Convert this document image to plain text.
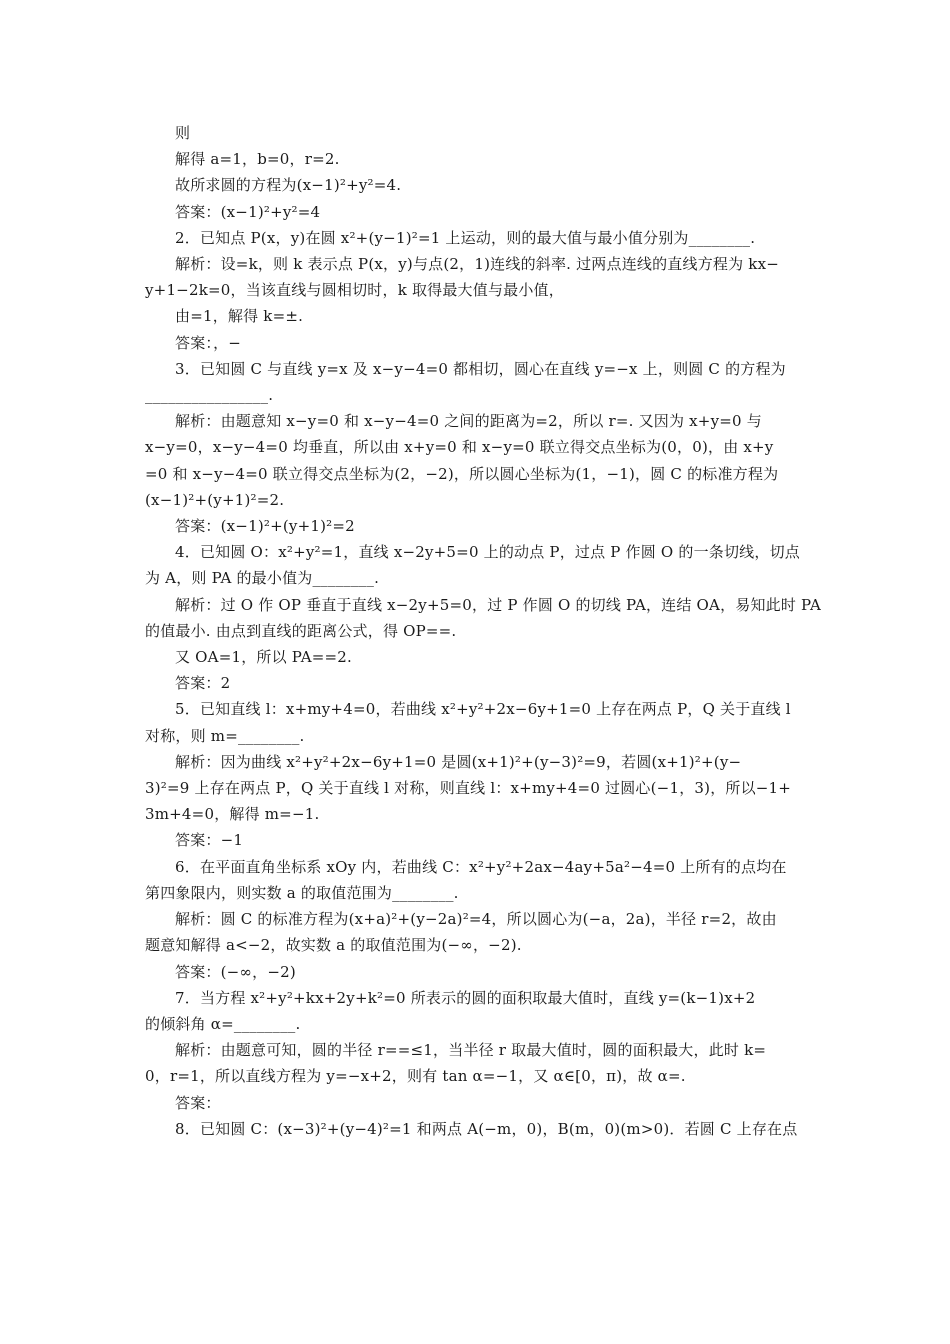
则
解得 a=1，b=0，r=2.
故所求圆的方程为(x−1)²+y²=4.
答案：(x−1)²+y²=4
2．已知点 P(x，y)在圆 x²+(y−1)²=1 上运动，则的最大值与最小值分别为________.
解析：设=k，则 k 表示点 P(x，y)与点(2，1)连线的斜率. 过两点连线的直线方程为 kx−
y+1−2k=0，当该直线与圆相切时，k 取得最大值与最小值，
由=1，解得 k=±.
答案：，−
3．已知圆 C 与直线 y=x 及 x−y−4=0 都相切，圆心在直线 y=−x 上，则圆 C 的方程为
________________.
解析：由题意知 x−y=0 和 x−y−4=0 之间的距离为=2，所以 r=. 又因为 x+y=0 与
x−y=0，x−y−4=0 均垂直，所以由 x+y=0 和 x−y=0 联立得交点坐标为(0，0)，由 x+y
=0 和 x−y−4=0 联立得交点坐标为(2，−2)，所以圆心坐标为(1，−1)，圆 C 的标准方程为
(x−1)²+(y+1)²=2.
答案：(x−1)²+(y+1)²=2
4．已知圆 O：x²+y²=1，直线 x−2y+5=0 上的动点 P，过点 P 作圆 O 的一条切线，切点
为 A，则 PA 的最小值为________.
解析：过 O 作 OP 垂直于直线 x−2y+5=0，过 P 作圆 O 的切线 PA，连结 OA，易知此时 PA
的值最小. 由点到直线的距离公式，得 OP==.
又 OA=1，所以 PA==2.
答案：2
5．已知直线 l：x+my+4=0，若曲线 x²+y²+2x−6y+1=0 上存在两点 P，Q 关于直线 l
对称，则 m=________.
解析：因为曲线 x²+y²+2x−6y+1=0 是圆(x+1)²+(y−3)²=9，若圆(x+1)²+(y−
3)²=9 上存在两点 P，Q 关于直线 l 对称，则直线 l：x+my+4=0 过圆心(−1，3)，所以−1+
3m+4=0，解得 m=−1.
答案：−1
6．在平面直角坐标系 xOy 内，若曲线 C：x²+y²+2ax−4ay+5a²−4=0 上所有的点均在
第四象限内，则实数 a 的取值范围为________.
解析：圆 C 的标准方程为(x+a)²+(y−2a)²=4，所以圆心为(−a，2a)，半径 r=2，故由
题意知解得 a<−2，故实数 a 的取值范围为(−∞，−2).
答案：(−∞，−2)
7．当方程 x²+y²+kx+2y+k²=0 所表示的圆的面积取最大值时，直线 y=(k−1)x+2
的倾斜角 α=________.
解析：由题意可知，圆的半径 r==≤1，当半径 r 取最大值时，圆的面积最大，此时 k=
0，r=1，所以直线方程为 y=−x+2，则有 tan α=−1，又 α∈[0，π)，故 α=.
答案：
8．已知圆 C：(x−3)²+(y−4)²=1 和两点 A(−m，0)，B(m，0)(m>0)．若圆 C 上存在点
